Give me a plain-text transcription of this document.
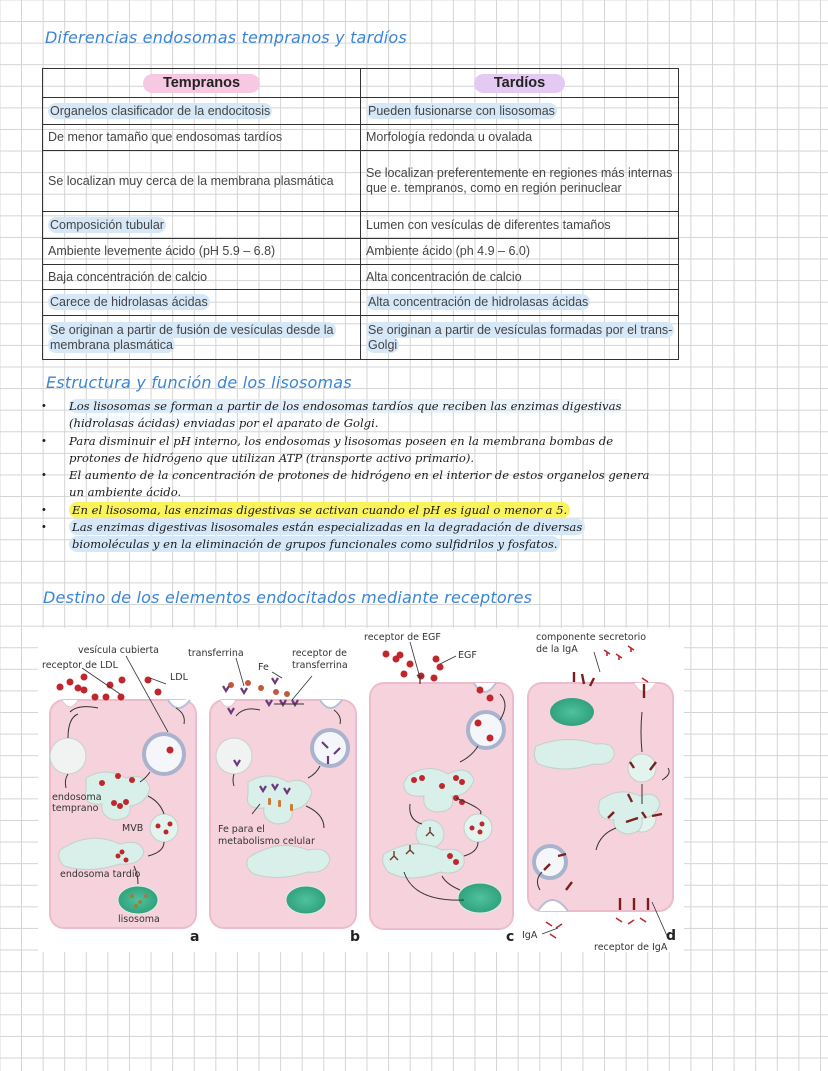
Diferencias endosomas tempranos y tardíos
Tempranos	Tardíos
Organelos clasificador de la endocitosis	Pueden fusionarse con lisosomas
De menor tamaño que endosomas tardíos	Morfología redonda u ovalada
Se localizan muy cerca de la membrana plasmática	Se localizan preferentemente en regiones más internas que e. tempranos, como en región perinuclear
Composición tubular	Lumen con vesículas de diferentes tamaños
Ambiente levemente ácido (pH 5.9 – 6.8)	Ambiente ácido (ph 4.9 – 6.0)
Baja concentración de calcio	Alta concentración de calcio
Carece de hidrolasas ácidas	Alta concentración de hidrolasas ácidas
Se originan a partir de fusión de vesículas desde la membrana plasmática	Se originan a partir de vesículas formadas por el trans-Golgi
Estructura y función de los lisosomas
•	Los lisosomas se forman a partir de los endosomas tardíos que reciben las enzimas digestivas (hidrolasas ácidas) enviadas por el aparato de Golgi.
•	Para disminuir el pH interno, los endosomas y lisosomas poseen en la membrana bombas de protones de hidrógeno que utilizan ATP (transporte activo primario).
•	El aumento de la concentración de protones de hidrógeno en el interior de estos organelos genera un ambiente ácido.
•	En el lisosoma, las enzimas digestivas se activan cuando el pH es igual o menor a 5.
•	Las enzimas digestivas lisosomales están especializadas en la degradación de diversas biomoléculas y en la eliminación de grupos funcionales como sulfidrilos y fosfatos.
Destino de los elementos endocitados mediante receptores
vesícula cubierta
receptor de LDL
LDL
endosoma
temprano
MVB
endosoma tardío
lisosoma
a
transferrina
Fe
receptor de
transferrina
Fe para el
metabolismo celular
b
receptor de EGF
EGF
c
componente secretorio
de la IgA
IgA
receptor de IgA
d
